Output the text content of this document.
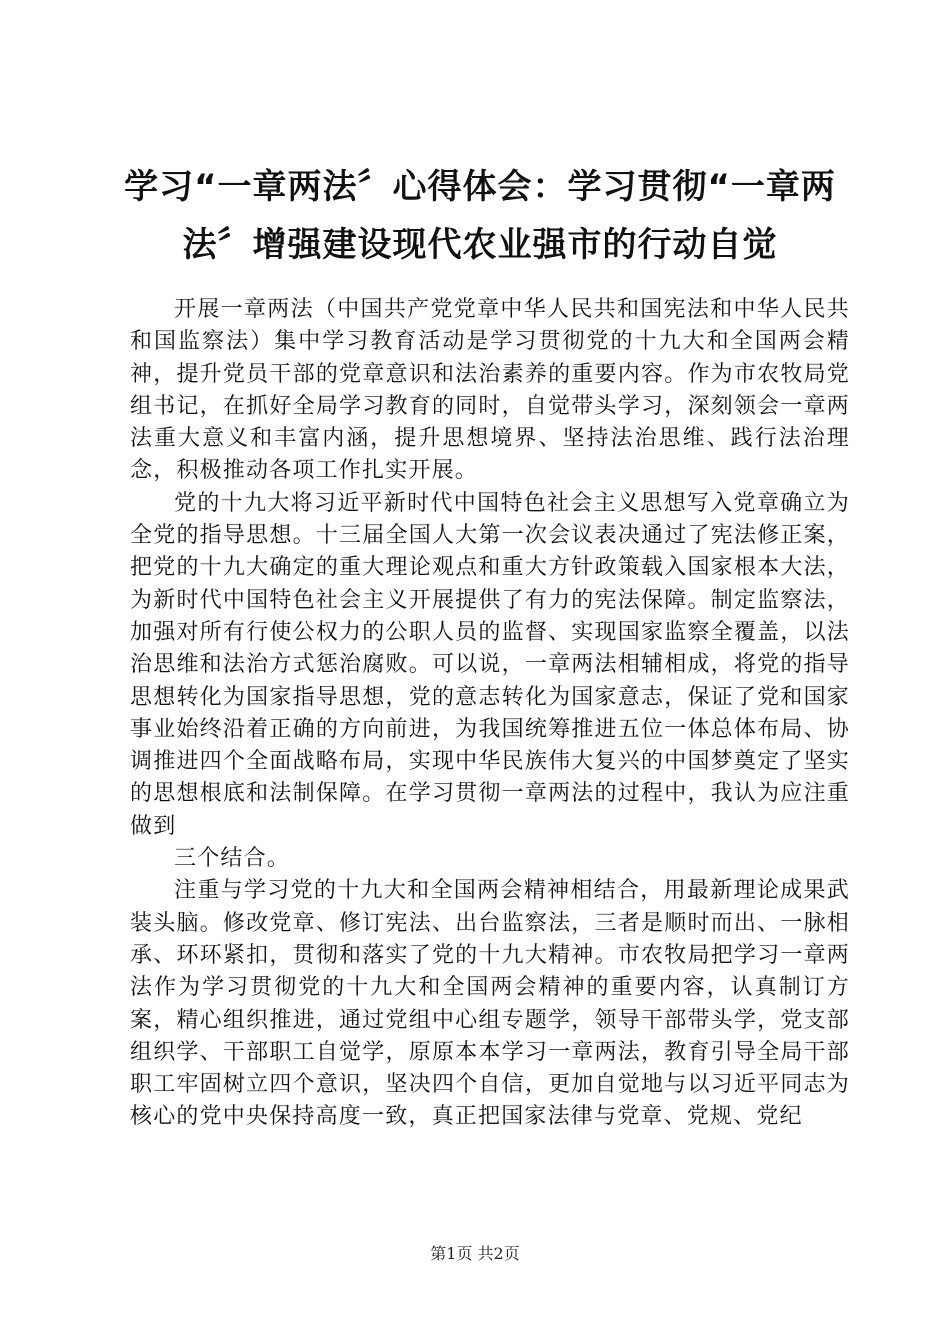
学习“一章两法〞心得体会：学习贯彻“一章两法〞增强建设现代农业强市的行动自觉

开展一章两法（中国共产党党章中华人民共和国宪法和中华人民共和国监察法）集中学习教育活动是学习贯彻党的十九大和全国两会精神，提升党员干部的党章意识和法治素养的重要内容。作为市农牧局党组书记，在抓好全局学习教育的同时，自觉带头学习，深刻领会一章两法重大意义和丰富内涵，提升思想境界、坚持法治思维、践行法治理念，积极推动各项工作扎实开展。

党的十九大将习近平新时代中国特色社会主义思想写入党章确立为全党的指导思想。十三届全国人大第一次会议表决通过了宪法修正案，把党的十九大确定的重大理论观点和重大方针政策载入国家根本大法，为新时代中国特色社会主义开展提供了有力的宪法保障。制定监察法，加强对所有行使公权力的公职人员的监督、实现国家监察全覆盖，以法治思维和法治方式惩治腐败。可以说，一章两法相辅相成，将党的指导思想转化为国家指导思想，党的意志转化为国家意志，保证了党和国家事业始终沿着正确的方向前进，为我国统筹推进五位一体总体布局、协调推进四个全面战略布局，实现中华民族伟大复兴的中国梦奠定了坚实的思想根底和法制保障。在学习贯彻一章两法的过程中，我认为应注重做到

三个结合。

注重与学习党的十九大和全国两会精神相结合，用最新理论成果武装头脑。修改党章、修订宪法、出台监察法，三者是顺时而出、一脉相承、环环紧扣，贯彻和落实了党的十九大精神。市农牧局把学习一章两法作为学习贯彻党的十九大和全国两会精神的重要内容，认真制订方案，精心组织推进，通过党组中心组专题学，领导干部带头学，党支部组织学、干部职工自觉学，原原本本学习一章两法，教育引导全局干部职工牢固树立四个意识，坚决四个自信，更加自觉地与以习近平同志为核心的党中央保持高度一致，真正把国家法律与党章、党规、党纪

第1页 共2页
